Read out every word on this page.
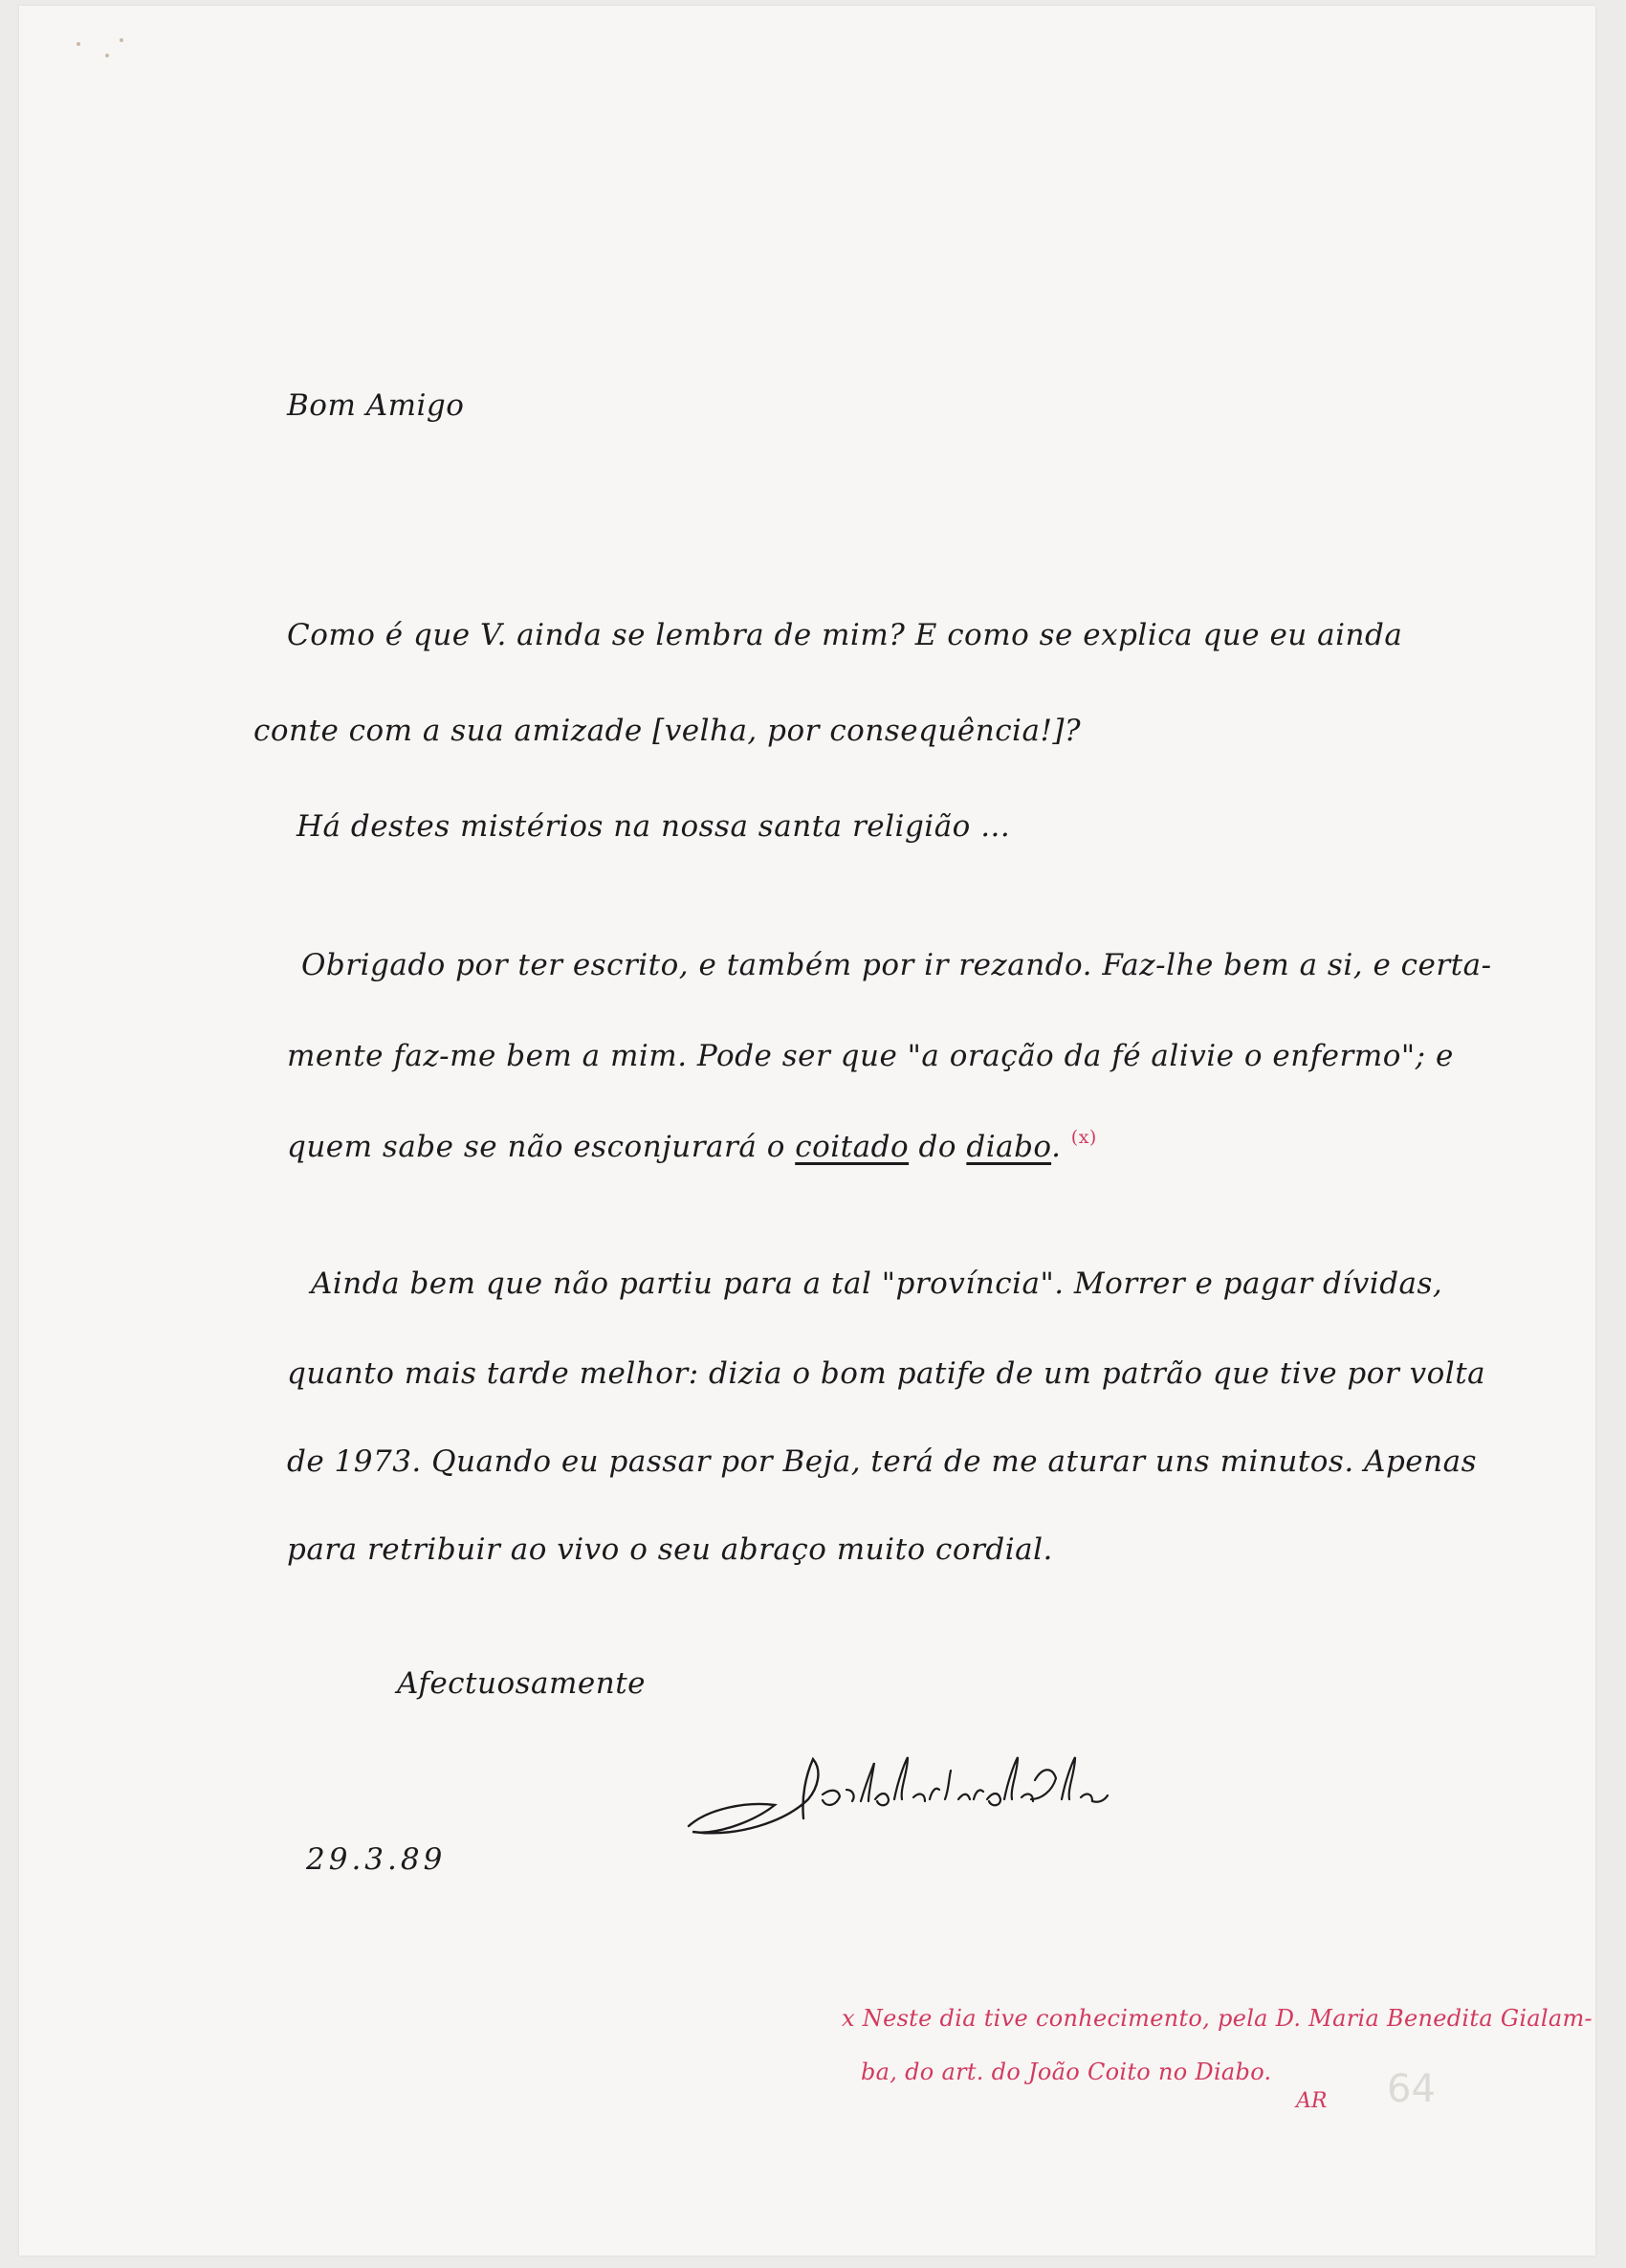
Bom Amigo
Como é que V. ainda se lembra de mim? E como se explica que eu ainda
conte com a sua amizade [velha, por consequência!]?
Há destes mistérios na nossa santa religião ...
Obrigado por ter escrito, e também por ir rezando. Faz-lhe bem a si, e certa-
mente faz-me bem a mim. Pode ser que "a oração da fé alivie o enfermo"; e
quem sabe se não esconjurará o coitado do diabo. $^{(x)}$
Ainda bem que não partiu para a tal "província". Morrer e pagar dívidas,
quanto mais tarde melhor: dizia o bom patife de um patrão que tive por volta
de 1973. Quando eu passar por Beja, terá de me aturar uns minutos. Apenas
para retribuir ao vivo o seu abraço muito cordial.
Afectuosamente
29.3.89
x Neste dia tive conhecimento, pela D. Maria Benedita Gialam-
ba, do art. do João Coito no Diabo.
AR 64
